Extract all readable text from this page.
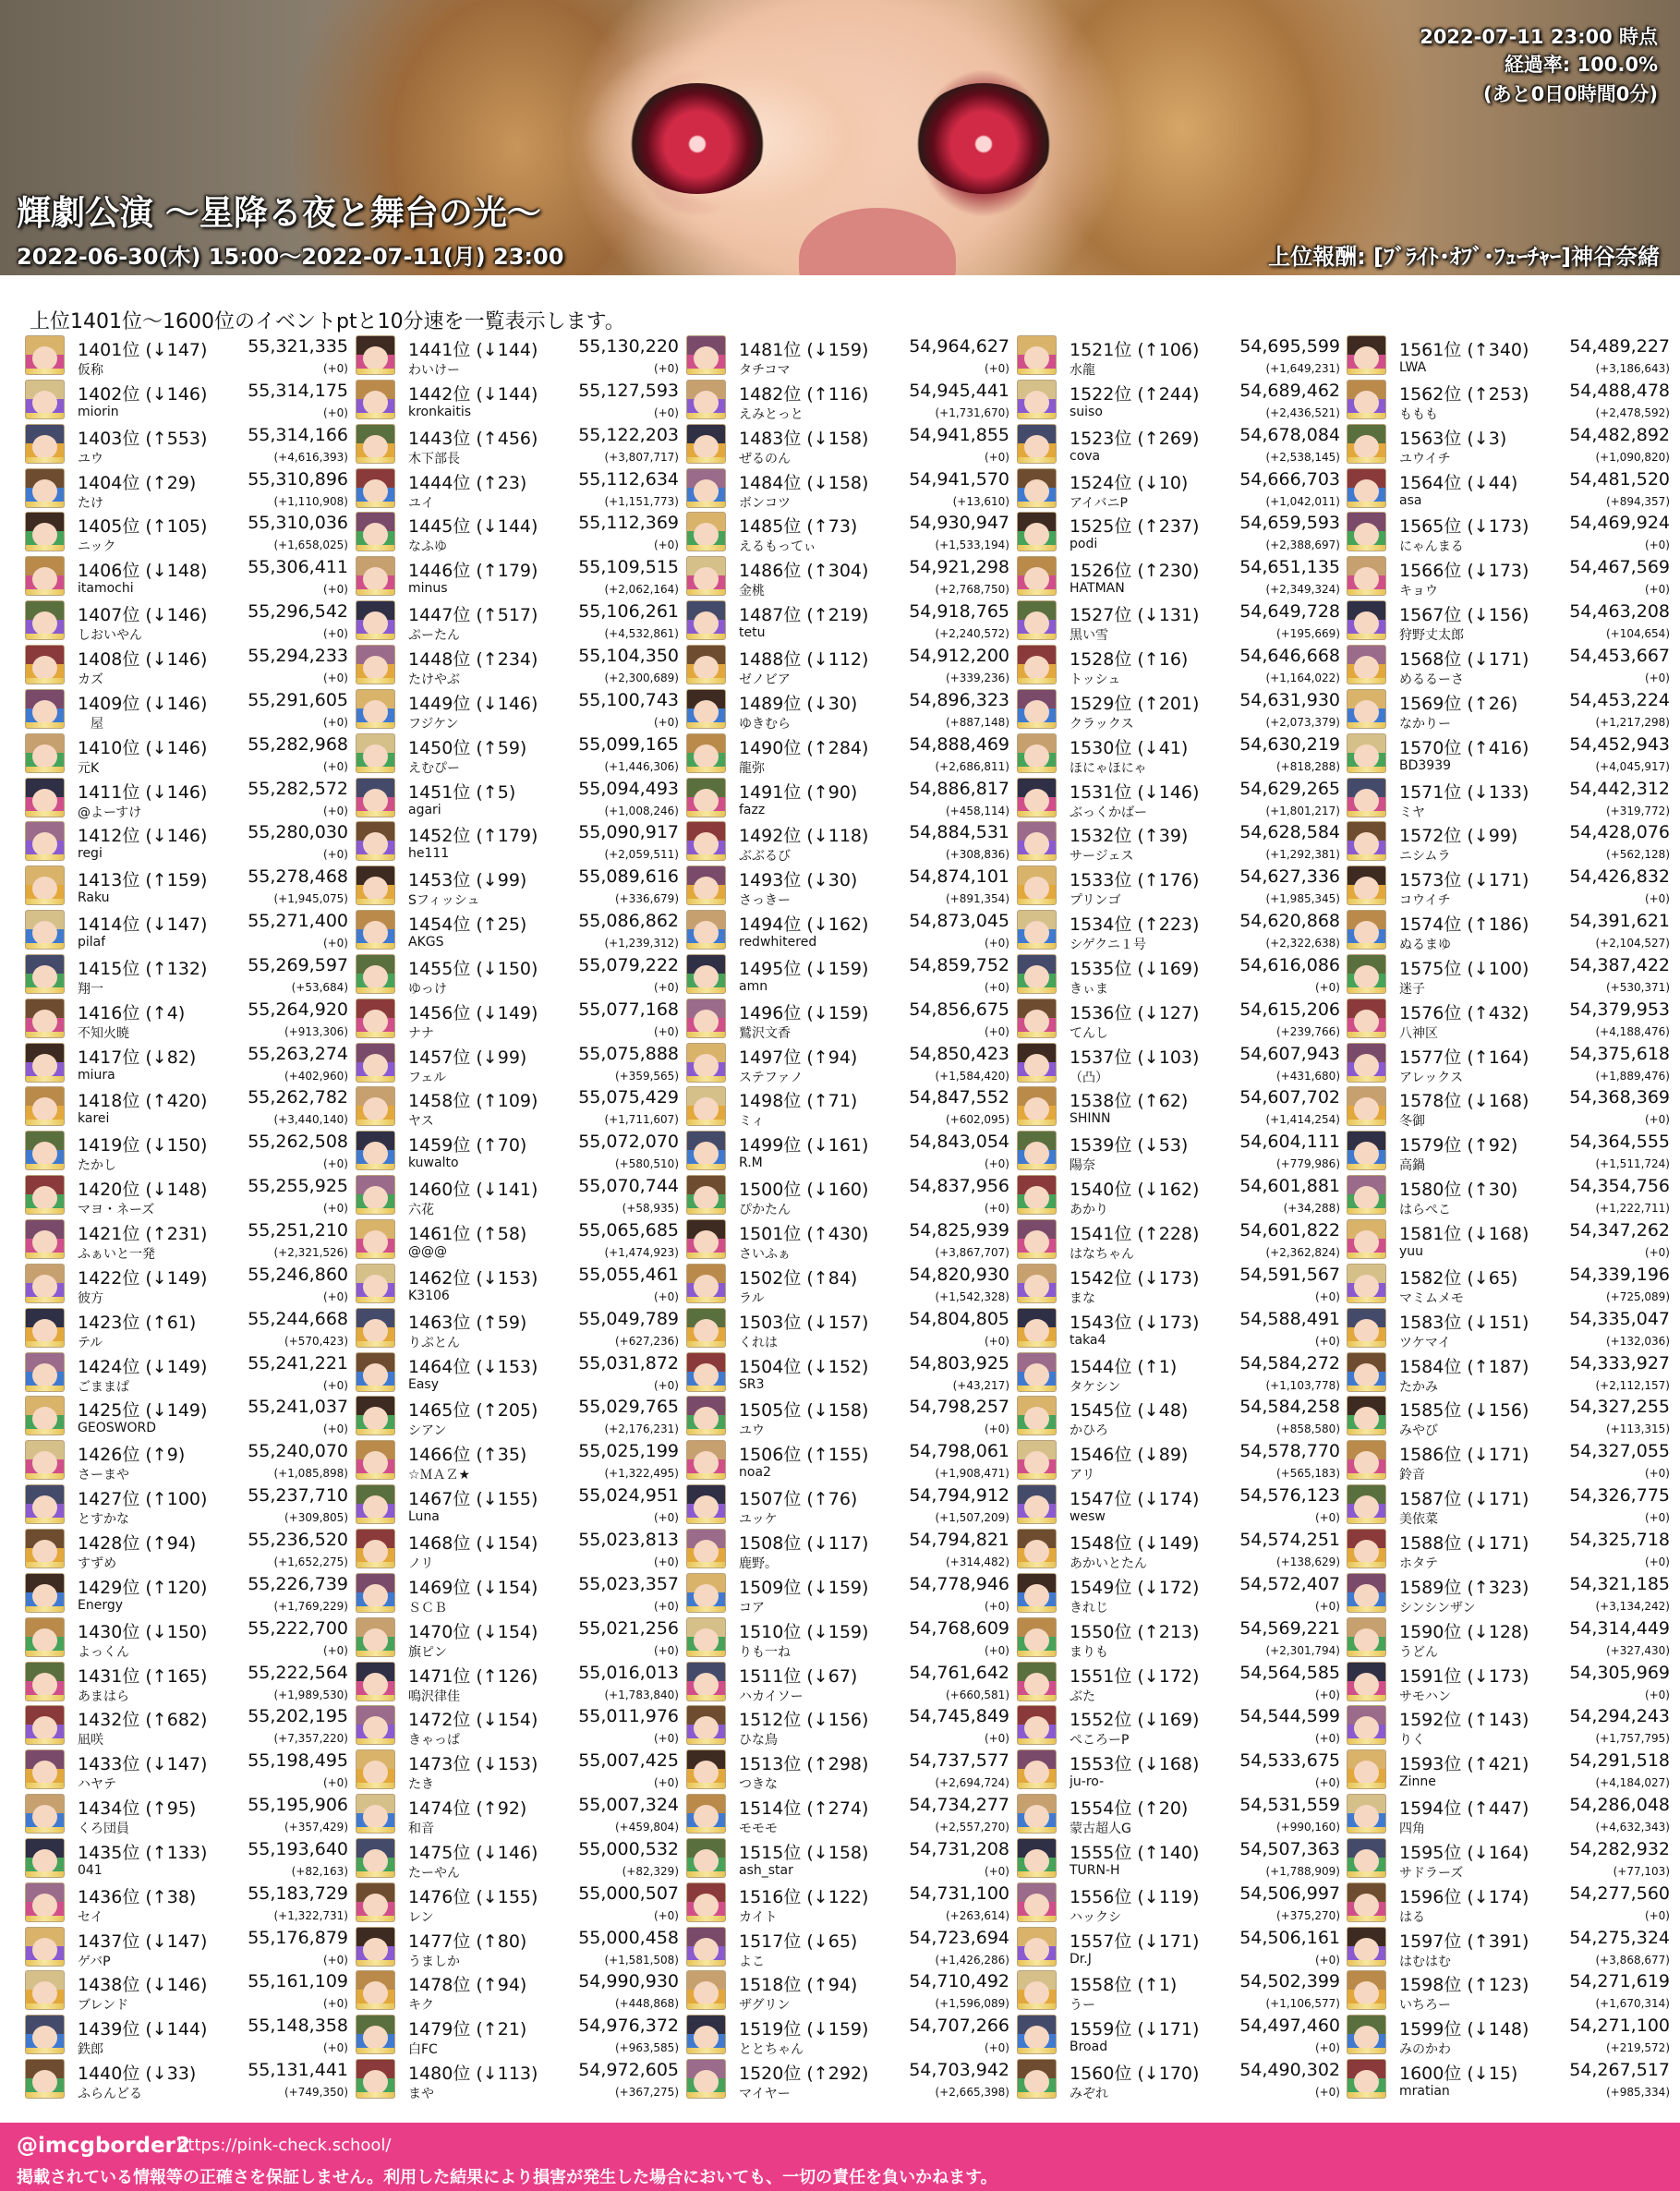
2022-07-11 23:00 時点
経過率: 100.0%
(あと0日0時間0分)
輝劇公演 ～星降る夜と舞台の光～
2022-06-30(木) 15:00～2022-07-11(月) 23:00	上位報酬: [ﾌﾞﾗｲﾄ･ｵﾌﾞ･ﾌｭｰﾁｬｰ]神谷奈緒
上位1401位～1600位のイベントptと10分速を一覧表示します。
1401位 (↓147) 55,321,335
仮称	(+0)
1402位 (↓146) 55,314,175
miorin	(+0)
1403位 (↑553) 55,314,166
ユウ	(+4,616,393)
1404位 (↑29)	55,310,896
たけ	(+1,110,908)
1405位 (↑105) 55,310,036
ニック	(+1,658,025)
1406位 (↓148) 55,306,411
itamochi	(+0)
1407位 (↓146) 55,296,542
しおいやん	(+0)
1408位 (↓146) 55,294,233
カズ	(+0)
1409位 (↓146) 55,291,605
　屋	(+0)
1410位 (↓146) 55,282,968
元K	(+0)
1411位 (↓146) 55,282,572
@よーすけ	(+0)
1412位 (↓146) 55,280,030
regi	(+0)
1413位 (↑159) 55,278,468
Raku	(+1,945,075)
1414位 (↓147) 55,271,400
pilaf	(+0)
1415位 (↑132) 55,269,597
翔一	(+53,684)
1416位 (↑4)	55,264,920
不知火暁	(+913,306)
1417位 (↓82)	55,263,274
miura	(+402,960)
1418位 (↑420) 55,262,782
karei	(+3,440,140)
1419位 (↓150) 55,262,508
たかし	(+0)
1420位 (↓148) 55,255,925
マヨ・ネーズ	(+0)
1421位 (↑231) 55,251,210
ふぁいと一発	(+2,321,526)
1422位 (↓149) 55,246,860
彼方	(+0)
1423位 (↑61)	55,244,668
テル	(+570,423)
1424位 (↓149) 55,241,221
ごままぱ	(+0)
1425位 (↓149) 55,241,037
GEOSWORD	(+0)
1426位 (↑9)	55,240,070
さーまや	(+1,085,898)
1427位 (↑100) 55,237,710
とすかな	(+309,805)
1428位 (↑94)	55,236,520
すずめ	(+1,652,275)
1429位 (↑120) 55,226,739
Energy	(+1,769,229)
1430位 (↓150) 55,222,700
よっくん	(+0)
1431位 (↑165) 55,222,564
あまはら	(+1,989,530)
1432位 (↑682) 55,202,195
凪咲	(+7,357,220)
1433位 (↓147) 55,198,495
ハヤテ	(+0)
1434位 (↑95)	55,195,906
くろ団員	(+357,429)
1435位 (↑133) 55,193,640
041	(+82,163)
1436位 (↑38)	55,183,729
セイ	(+1,322,731)
1437位 (↓147) 55,176,879
ゲバP	(+0)
1438位 (↓146) 55,161,109
ブレンド	(+0)
1439位 (↓144) 55,148,358
鉄郎	(+0)
1440位 (↓33)	55,131,441
ふらんどる	(+749,350)
1441位 (↓144) 55,130,220
わいけー	(+0)
1442位 (↓144) 55,127,593
kronkaitis	(+0)
1443位 (↑456) 55,122,203
木下部長	(+3,807,717)
1444位 (↑23)	55,112,634
ユイ	(+1,151,773)
1445位 (↓144) 55,112,369
なふゆ	(+0)
1446位 (↑179) 55,109,515
minus	(+2,062,164)
1447位 (↑517) 55,106,261
ぷーたん	(+4,532,861)
1448位 (↑234) 55,104,350
たけやぶ	(+2,300,689)
1449位 (↓146) 55,100,743
フジケン	(+0)
1450位 (↑59)	55,099,165
えむぴー	(+1,446,306)
1451位 (↑5)	55,094,493
agari	(+1,008,246)
1452位 (↑179) 55,090,917
he111	(+2,059,511)
1453位 (↓99)	55,089,616
Sフィッシュ	(+336,679)
1454位 (↑25)	55,086,862
AKGS	(+1,239,312)
1455位 (↓150) 55,079,222
ゆっけ	(+0)
1456位 (↓149) 55,077,168
ナナ	(+0)
1457位 (↓99)	55,075,888
フェル	(+359,565)
1458位 (↑109) 55,075,429
ヤス	(+1,711,607)
1459位 (↑70)	55,072,070
kuwalto	(+580,510)
1460位 (↓141) 55,070,744
六花	(+58,935)
1461位 (↑58)	55,065,685
@@@	(+1,474,923)
1462位 (↓153) 55,055,461
K3106	(+0)
1463位 (↑59)	55,049,789
りぷとん	(+627,236)
1464位 (↓153) 55,031,872
Easy	(+0)
1465位 (↑205) 55,029,765
シアン	(+2,176,231)
1466位 (↑35)	55,025,199
☆ＭＡＺ★	(+1,322,495)
1467位 (↓155) 55,024,951
Luna	(+0)
1468位 (↓154) 55,023,813
ノリ	(+0)
1469位 (↓154) 55,023,357
ＳＣＢ	(+0)
1470位 (↓154) 55,021,256
旗ピン	(+0)
1471位 (↑126) 55,016,013
鳴沢律佳	(+1,783,840)
1472位 (↓154) 55,011,976
きゃっぱ	(+0)
1473位 (↓153) 55,007,425
たき	(+0)
1474位 (↑92)	55,007,324
和音	(+459,804)
1475位 (↓146) 55,000,532
たーやん	(+82,329)
1476位 (↓155) 55,000,507
レン	(+0)
1477位 (↑80)	55,000,458
うましか	(+1,581,508)
1478位 (↑94)	54,990,930
キク	(+448,868)
1479位 (↑21)	54,976,372
白FC	(+963,585)
1480位 (↓113) 54,972,605
まや	(+367,275)
1481位 (↓159) 54,964,627
タチコマ	(+0)
1482位 (↑116) 54,945,441
えみとっと	(+1,731,670)
1483位 (↓158) 54,941,855
ぜるのん	(+0)
1484位 (↓158) 54,941,570
ボンコツ	(+13,610)
1485位 (↑73)	54,930,947
えるもってぃ	(+1,533,194)
1486位 (↑304) 54,921,298
金桃	(+2,768,750)
1487位 (↑219) 54,918,765
tetu	(+2,240,572)
1488位 (↓112) 54,912,200
ゼノビア	(+339,236)
1489位 (↓30)	54,896,323
ゆきむら	(+887,148)
1490位 (↑284) 54,888,469
龍弥	(+2,686,811)
1491位 (↑90)	54,886,817
fazz	(+458,114)
1492位 (↓118) 54,884,531
ぶぶるび	(+308,836)
1493位 (↓30)	54,874,101
さっきー	(+891,354)
1494位 (↓162) 54,873,045
redwhitered	(+0)
1495位 (↓159) 54,859,752
amn	(+0)
1496位 (↓159) 54,856,675
鷲沢文香	(+0)
1497位 (↑94)	54,850,423
ステファノ	(+1,584,420)
1498位 (↑71)	54,847,552
ミィ	(+602,095)
1499位 (↓161) 54,843,054
R.M	(+0)
1500位 (↓160) 54,837,956
ぴかたん	(+0)
1501位 (↑430) 54,825,939
さいふぁ	(+3,867,707)
1502位 (↑84)	54,820,930
ラル	(+1,542,328)
1503位 (↓157) 54,804,805
くれは	(+0)
1504位 (↓152) 54,803,925
SR3	(+43,217)
1505位 (↓158) 54,798,257
ユウ	(+0)
1506位 (↑155) 54,798,061
noa2	(+1,908,471)
1507位 (↑76)	54,794,912
ユッケ	(+1,507,209)
1508位 (↓117) 54,794,821
鹿野。	(+314,482)
1509位 (↓159) 54,778,946
コア	(+0)
1510位 (↓159) 54,768,609
りも一ね	(+0)
1511位 (↓67)	54,761,642
ハカイソー	(+660,581)
1512位 (↓156) 54,745,849
ひな鳥	(+0)
1513位 (↑298) 54,737,577
つきな	(+2,694,724)
1514位 (↑274) 54,734,277
モモモ	(+2,557,270)
1515位 (↓158) 54,731,208
ash_star	(+0)
1516位 (↓122) 54,731,100
カイト	(+263,614)
1517位 (↓65)	54,723,694
よこ	(+1,426,286)
1518位 (↑94)	54,710,492
ザグリン	(+1,596,089)
1519位 (↓159) 54,707,266
ととちゃん	(+0)
1520位 (↑292) 54,703,942
マイヤー	(+2,665,398)
1521位 (↑106) 54,695,599
水龍	(+1,649,231)
1522位 (↑244) 54,689,462
suiso	(+2,436,521)
1523位 (↑269) 54,678,084
cova	(+2,538,145)
1524位 (↓10)	54,666,703
アイバニP	(+1,042,011)
1525位 (↑237) 54,659,593
podi	(+2,388,697)
1526位 (↑230) 54,651,135
HATMAN	(+2,349,324)
1527位 (↓131) 54,649,728
黒い雪	(+195,669)
1528位 (↑16)	54,646,668
トッシュ	(+1,164,022)
1529位 (↑201) 54,631,930
クラックス	(+2,073,379)
1530位 (↓41)	54,630,219
ほにゃほにゃ	(+818,288)
1531位 (↓146) 54,629,265
ぶっくかばー	(+1,801,217)
1532位 (↑39)	54,628,584
サージェス	(+1,292,381)
1533位 (↑176) 54,627,336
プリンゴ	(+1,985,345)
1534位 (↑223) 54,620,868
シゲクニ１号	(+2,322,638)
1535位 (↓169) 54,616,086
きぃま	(+0)
1536位 (↓127) 54,615,206
てんし	(+239,766)
1537位 (↓103) 54,607,943
（凸）	(+431,680)
1538位 (↑62)	54,607,702
SHINN	(+1,414,254)
1539位 (↓53)	54,604,111
陽奈	(+779,986)
1540位 (↓162) 54,601,881
あかり	(+34,288)
1541位 (↑228) 54,601,822
はなちゃん	(+2,362,824)
1542位 (↓173) 54,591,567
まな	(+0)
1543位 (↓173) 54,588,491
taka4	(+0)
1544位 (↑1)	54,584,272
タケシン	(+1,103,778)
1545位 (↓48)	54,584,258
かひろ	(+858,580)
1546位 (↓89)	54,578,770
アリ	(+565,183)
1547位 (↓174) 54,576,123
wesw	(+0)
1548位 (↓149) 54,574,251
あかいとたん	(+138,629)
1549位 (↓172) 54,572,407
きれじ	(+0)
1550位 (↑213) 54,569,221
まりも	(+2,301,794)
1551位 (↓172) 54,564,585
ぶた	(+0)
1552位 (↓169) 54,544,599
ぺころーP	(+0)
1553位 (↓168) 54,533,675
ju-ro-	(+0)
1554位 (↑20)	54,531,559
蒙古超人G	(+990,160)
1555位 (↑140) 54,507,363
TURN-H	(+1,788,909)
1556位 (↓119) 54,506,997
ハックシ	(+375,270)
1557位 (↓171) 54,506,161
Dr.J	(+0)
1558位 (↑1)	54,502,399
うー	(+1,106,577)
1559位 (↓171) 54,497,460
Broad	(+0)
1560位 (↓170) 54,490,302
みぞれ	(+0)
1561位 (↑340) 54,489,227
LWA	(+3,186,643)
1562位 (↑253) 54,488,478
ももも	(+2,478,592)
1563位 (↓3)	54,482,892
ユウイチ	(+1,090,820)
1564位 (↓44)	54,481,520
asa	(+894,357)
1565位 (↓173) 54,469,924
にゃんまる	(+0)
1566位 (↓173) 54,467,569
キョウ	(+0)
1567位 (↓156) 54,463,208
狩野丈太郎	(+104,654)
1568位 (↓171) 54,453,667
めるるーさ	(+0)
1569位 (↑26)	54,453,224
なかりー	(+1,217,298)
1570位 (↑416) 54,452,943
BD3939	(+4,045,917)
1571位 (↓133) 54,442,312
ミヤ	(+319,772)
1572位 (↓99)	54,428,076
ニシムラ	(+562,128)
1573位 (↓171) 54,426,832
コウイチ	(+0)
1574位 (↑186) 54,391,621
ぬるまゆ	(+2,104,527)
1575位 (↓100) 54,387,422
迷子	(+530,371)
1576位 (↑432) 54,379,953
八神区	(+4,188,476)
1577位 (↑164) 54,375,618
アレックス	(+1,889,476)
1578位 (↓168) 54,368,369
冬御	(+0)
1579位 (↑92)	54,364,555
高鍋	(+1,511,724)
1580位 (↑30)	54,354,756
はらぺこ	(+1,222,711)
1581位 (↓168) 54,347,262
yuu	(+0)
1582位 (↓65)	54,339,196
マミムメモ	(+725,089)
1583位 (↓151) 54,335,047
ツケマイ	(+132,036)
1584位 (↑187) 54,333,927
たかみ	(+2,112,157)
1585位 (↓156) 54,327,255
みやび	(+113,315)
1586位 (↓171) 54,327,055
鈴音	(+0)
1587位 (↓171) 54,326,775
美依菜	(+0)
1588位 (↓171) 54,325,718
ホタテ	(+0)
1589位 (↑323) 54,321,185
シンシンザン	(+3,134,242)
1590位 (↓128) 54,314,449
うどん	(+327,430)
1591位 (↓173) 54,305,969
サモハン	(+0)
1592位 (↑143) 54,294,243
りく	(+1,757,795)
1593位 (↑421) 54,291,518
Zinne	(+4,184,027)
1594位 (↑447) 54,286,048
四角	(+4,632,343)
1595位 (↓164) 54,282,932
サドラーズ	(+77,103)
1596位 (↓174) 54,277,560
はる	(+0)
1597位 (↑391) 54,275,324
はむはむ	(+3,868,677)
1598位 (↑123) 54,271,619
いちろー	(+1,670,314)
1599位 (↓148) 54,271,100
みのかわ	(+219,572)
1600位 (↓15)	54,267,517
mratian	(+985,334)
@imcgborder2
https://pink-check.school/
掲載されている情報等の正確さを保証しません。利用した結果により損害が発生した場合においても、一切の責任を負いかねます。
